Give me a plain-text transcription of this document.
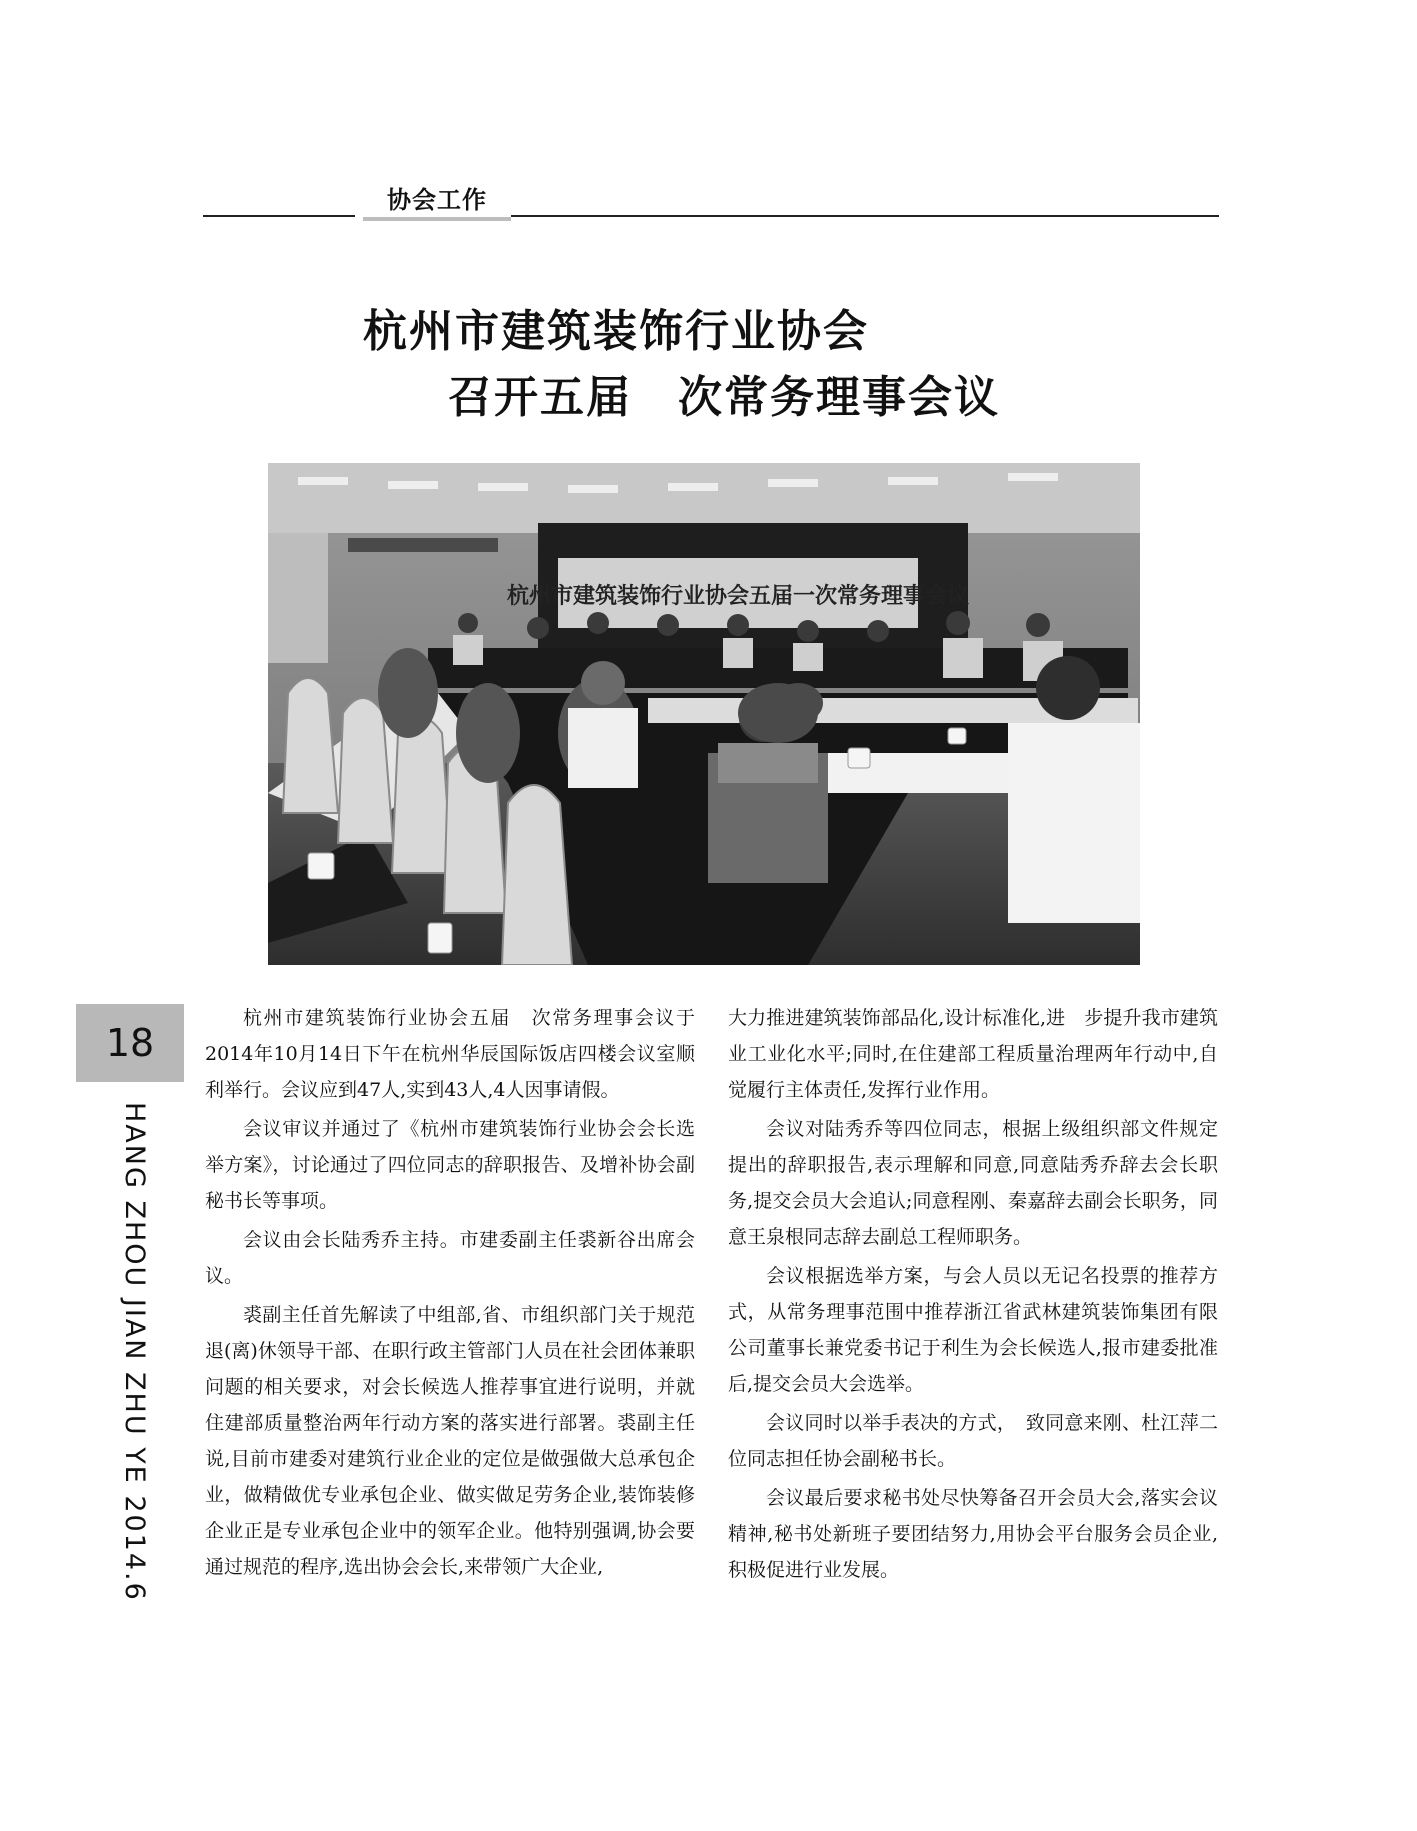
协会工作
杭州市建筑装饰行业协会
召开五届　次常务理事会议
杭州市建筑装饰行业协会五届一次常务理事会议
18
HANG ZHOU JIAN ZHU YE 2014.6

杭州市建筑装饰行业协会五届　次常务理事会议于2014年10月14日下午在杭州华辰国际饭店四楼会议室顺利举行。会议应到47人,实到43人,4人因事请假。

会议审议并通过了《杭州市建筑装饰行业协会会长选举方案》，讨论通过了四位同志的辞职报告、及增补协会副秘书长等事项。

会议由会长陆秀乔主持。市建委副主任裘新谷出席会议。

裘副主任首先解读了中组部,省、市组织部门关于规范退(离)休领导干部、在职行政主管部门人员在社会团体兼职问题的相关要求，对会长候选人推荐事宜进行说明，并就住建部质量整治两年行动方案的落实进行部署。裘副主任说,目前市建委对建筑行业企业的定位是做强做大总承包企业，做精做优专业承包企业、做实做足劳务企业,装饰装修企业正是专业承包企业中的领军企业。他特别强调,协会要通过规范的程序,选出协会会长,来带领广大企业,

大力推进建筑装饰部品化,设计标准化,进　步提升我市建筑业工业化水平;同时,在住建部工程质量治理两年行动中,自觉履行主体责任,发挥行业作用。

会议对陆秀乔等四位同志，根据上级组织部文件规定提出的辞职报告,表示理解和同意,同意陆秀乔辞去会长职务,提交会员大会追认;同意程刚、秦嘉辞去副会长职务，同意王泉根同志辞去副总工程师职务。

会议根据选举方案，与会人员以无记名投票的推荐方式，从常务理事范围中推荐浙江省武林建筑装饰集团有限公司董事长兼党委书记于利生为会长候选人,报市建委批准后,提交会员大会选举。

会议同时以举手表决的方式，　致同意来刚、杜江萍二位同志担任协会副秘书长。

会议最后要求秘书处尽快筹备召开会员大会,落实会议精神,秘书处新班子要团结努力,用协会平台服务会员企业,积极促进行业发展。
